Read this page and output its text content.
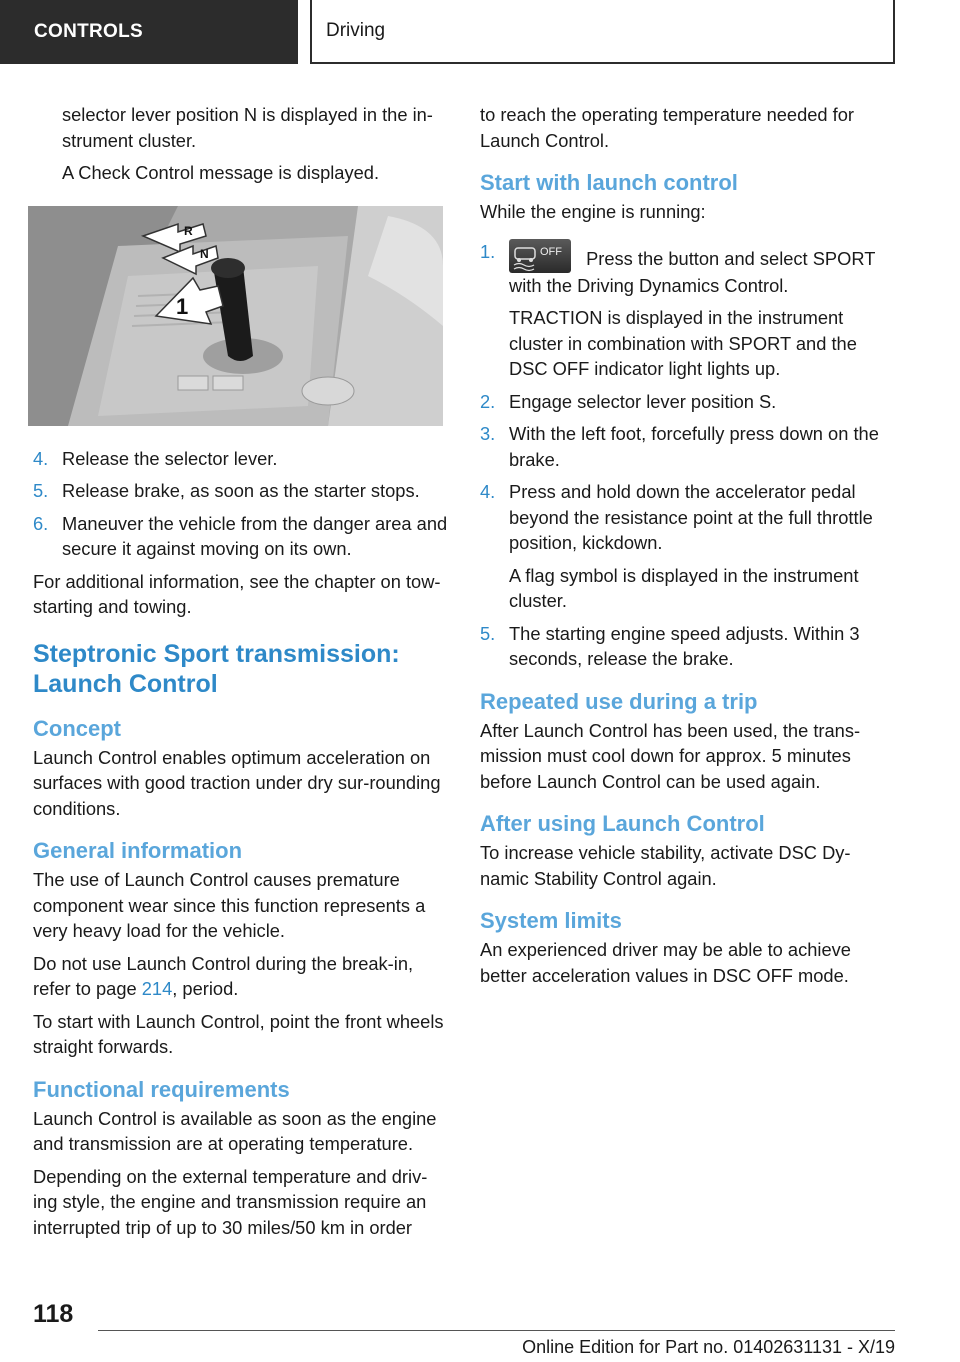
CONTROLS	Driving

selector lever position N is displayed in the in-strument cluster.

A Check Control message is displayed.

R
N
1
4. Release the selector lever.
5. Release brake, as soon as the starter stops.
6. Maneuver the vehicle from the danger area and secure it against moving on its own.

For additional information, see the chapter on tow-starting and towing.

Steptronic Sport transmission: Launch Control
Concept

Launch Control enables optimum acceleration on surfaces with good traction under dry sur-rounding conditions.

General information

The use of Launch Control causes premature component wear since this function represents a very heavy load for the vehicle.

Do not use Launch Control during the break-in, refer to page 214, period.

To start with Launch Control, point the front wheels straight forwards.

Functional requirements

Launch Control is available as soon as the engine and transmission are at operating temperature.

Depending on the external temperature and driv-ing style, the engine and transmission require an interrupted trip of up to 30 miles/50 km in order

to reach the operating temperature needed for Launch Control.

Start with launch control

While the engine is running:

1.	OFF Press the button and select SPORT with the Driving Dynamics Control.

TRACTION is displayed in the instrument cluster in combination with SPORT and the DSC OFF indicator light lights up.

2. Engage selector lever position S.
3. With the left foot, forcefully press down on the brake.
4. Press and hold down the accelerator pedal beyond the resistance point at the full throttle position, kickdown.

A flag symbol is displayed in the instrument cluster.

5. The starting engine speed adjusts. Within 3 seconds, release the brake.
Repeated use during a trip

After Launch Control has been used, the trans-mission must cool down for approx. 5 minutes before Launch Control can be used again.

After using Launch Control

To increase vehicle stability, activate DSC Dy-namic Stability Control again.

System limits

An experienced driver may be able to achieve better acceleration values in DSC OFF mode.

118
Online Edition for Part no. 01402631131 - X/19
